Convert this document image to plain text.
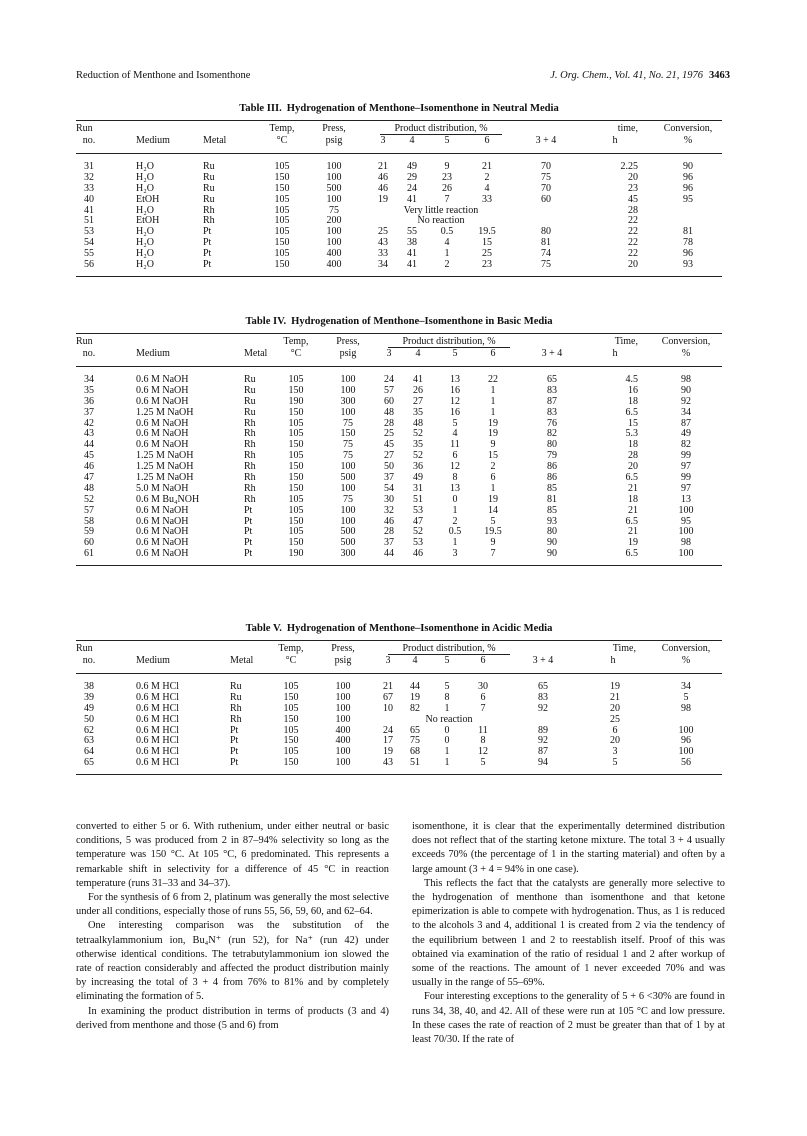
Reduction of Menthone and Isomenthone	J. Org. Chem., Vol. 41, No. 21, 1976 3463
Table III. Hydrogenation of Menthone–Isomenthone in Neutral Media
Run
no.	Medium	Metal
Temp,
°C
Press,
psig
Product distribution, %
3	4	5	6	3 + 4
time,
h
Conversion,
%
31	H₂O	Ru	105	100	21	49	9	21	70	2.25	90
32	H₂O	Ru	150	100	46	29	23	2	75	20	96
33	H₂O	Ru	150	500	46	24	26	4	70	23	96
40	EtOH	Ru	105	100	19	41	7	33	60	45	95
41	H₂O	Rh	105	75	28
Very little reaction
51	EtOH	Rh	105	200	22
No reaction
53	H₂O	Pt	105	100	25	55	0.5	19.5	80	22	81
54	H₂O	Pt	150	100	43	38	4	15	81	22	78
55	H₂O	Pt	105	400	33	41	1	25	74	22	96
56	H₂O	Pt	150	400	34	41	2	23	75	20	93
Table IV. Hydrogenation of Menthone–Isomenthone in Basic Media
Run
no.	Medium	Metal
Temp,
°C
Press,
psig
Product distribution, %
3	4	5	6	3 + 4
Time,
h
Conversion,
%
34	0.6 M NaOH	Ru	105	100	24	41	13	22	65	4.5	98
35	0.6 M NaOH	Ru	150	100	57	26	16	1	83	16	90
36	0.6 M NaOH	Ru	190	300	60	27	12	1	87	18	92
37	1.25 M NaOH	Ru	150	100	48	35	16	1	83	6.5	34
42	0.6 M NaOH	Rh	105	75	28	48	5	19	76	15	87
43	0.6 M NaOH	Rh	105	150	25	52	4	19	82	5.3	49
44	0.6 M NaOH	Rh	150	75	45	35	11	9	80	18	82
45	1.25 M NaOH	Rh	105	75	27	52	6	15	79	28	99
46	1.25 M NaOH	Rh	150	100	50	36	12	2	86	20	97
47	1.25 M NaOH	Rh	150	500	37	49	8	6	86	6.5	99
48	5.0 M NaOH	Rh	150	100	54	31	13	1	85	21	97
52	0.6 M Bu₄NOH	Rh	105	75	30	51	0	19	81	18	13
57	0.6 M NaOH	Pt	105	100	32	53	1	14	85	21	100
58	0.6 M NaOH	Pt	150	100	46	47	2	5	93	6.5	95
59	0.6 M NaOH	Pt	105	500	28	52	0.5	19.5	80	21	100
60	0.6 M NaOH	Pt	150	500	37	53	1	9	90	19	98
61	0.6 M NaOH	Pt	190	300	44	46	3	7	90	6.5	100
Table V. Hydrogenation of Menthone–Isomenthone in Acidic Media
Run
no.	Medium	Metal
Temp,
°C
Press,
psig
Product distribution, %
3	4	5	6	3 + 4
Time,
h
Conversion,
%
38	0.6 M HCl	Ru	105	100	21	44	5	30	65	19	34
39	0.6 M HCl	Ru	150	100	67	19	8	6	83	21	5
49	0.6 M HCl	Rh	105	100	10	82	1	7	92	20	98
50	0.6 M HCl	Rh	150	100	25
No reaction
62	0.6 M HCl	Pt	105	400	24	65	0	11	89	6	100
63	0.6 M HCl	Pt	150	400	17	75	0	8	92	20	96
64	0.6 M HCl	Pt	105	100	19	68	1	12	87	3	100
65	0.6 M HCl	Pt	150	100	43	51	1	5	94	5	56

converted to either 5 or 6. With ruthenium, under either neutral or basic conditions, 5 was produced from 2 in 87–94% selectivity so long as the temperature was 150 °C. At 105 °C, 6 predominated. This represents a remarkable shift in selectivity for a difference of 45 °C in reaction temperature (runs 31–33 and 34–37).

For the synthesis of 6 from 2, platinum was generally the most selective under all conditions, especially those of runs 55, 56, 59, 60, and 62–64.

One interesting comparison was the substitution of the tetraalkylammonium ion, Bu₄N⁺ (run 52), for Na⁺ (run 42) under otherwise identical conditions. The tetrabutylammonium ion slowed the rate of reaction considerably and affected the product distribution mainly by increasing the total of 3 + 4 from 76% to 81% and by completely eliminating the formation of 5.

In examining the product distribution in terms of products (3 and 4) derived from menthone and those (5 and 6) from

isomenthone, it is clear that the experimentally determined distribution does not reflect that of the starting ketone mixture. The total 3 + 4 usually exceeds 70% (the percentage of 1 in the starting material) and often by a large amount (3 + 4 = 94% in one case).

This reflects the fact that the catalysts are generally more selective to the hydrogenation of menthone than isomenthone and that ketone epimerization is able to compete with hydrogenation. Thus, as 1 is reduced to the alcohols 3 and 4, additional 1 is created from 2 via the tendency of the equilibrium between 1 and 2 to reestablish itself. Proof of this was obtained via examination of the ratio of residual 1 and 2 after workup of some of the reactions. The amount of 1 never exceeded 70% and was usually in the range of 55–69%.

Four interesting exceptions to the generality of 5 + 6 <30% are found in runs 34, 38, 40, and 42. All of these were run at 105 °C and low pressure. In these cases the rate of reaction of 2 must be greater than that of 1 by at least 70/30. If the rate of
